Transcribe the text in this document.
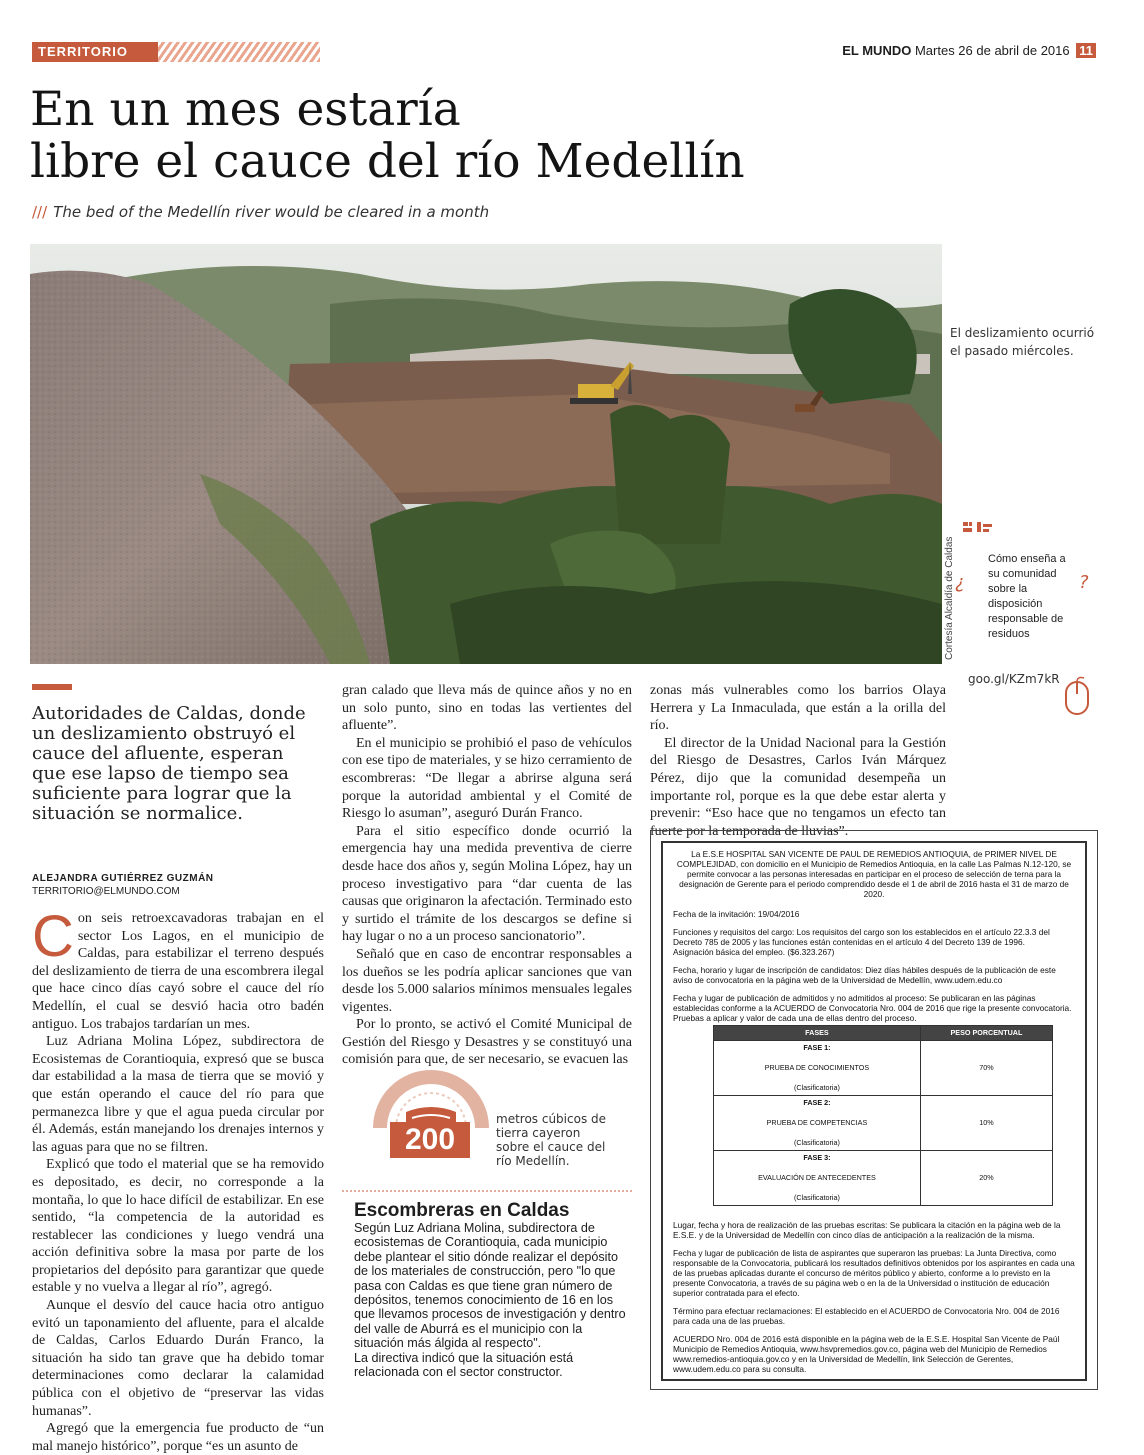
TERRITORIO	EL MUNDO Martes 26 de abril de 2016 11
En un mes estaría
libre el cauce del río Medellín
/// The bed of the Medellín river would be cleared in a month
Cortesía Alcaldía de Caldas
El deslizamiento ocurrió el pasado miércoles.
¿
Cómo enseña a su comunidad sobre la disposición responsable de residuos
?
goo.gl/KZm7kR
Autoridades de Caldas, donde un deslizamiento obstruyó el cauce del afluente, esperan que ese lapso de tiempo sea suficiente para lograr que la situación se normalice.
ALEJANDRA GUTIÉRREZ GUZMÁN
TERRITORIO@ELMUNDO.COM

Con seis retroexcavadoras trabajan en el sector Los Lagos, en el municipio de Caldas, para estabilizar el terreno después del deslizamiento de tierra de una escombrera ilegal que hace cinco días cayó sobre el cauce del río Medellín, el cual se desvió hacia otro badén antiguo. Los trabajos tardarían un mes.

Luz Adriana Molina López, subdirectora de Ecosistemas de Corantioquia, expresó que se busca dar estabilidad a la masa de tierra que se movió y que están operando el cauce del río para que permanezca libre y que el agua pueda circular por él. Además, están manejando los drenajes internos y las aguas para que no se filtren.

Explicó que todo el material que se ha removido es depositado, es decir, no corresponde a la montaña, lo que lo hace difícil de estabilizar. En ese sentido, “la competencia de la autoridad es restablecer las condiciones y luego vendrá una acción definitiva sobre la masa por parte de los propietarios del depósito para garantizar que quede estable y no vuelva a llegar al río”, agregó.

Aunque el desvío del cauce hacia otro antiguo evitó un taponamiento del afluente, para el alcalde de Caldas, Carlos Eduardo Durán Franco, la situación ha sido tan grave que ha debido tomar determinaciones como declarar la calamidad pública con el objetivo de “preservar las vidas humanas”.

Agregó que la emergencia fue producto de “un mal manejo histórico”, porque “es un asunto de

gran calado que lleva más de quince años y no en un solo punto, sino en todas las vertientes del afluente”.

En el municipio se prohibió el paso de vehículos con ese tipo de materiales, y se hizo cerramiento de escombreras: “De llegar a abrirse alguna será porque la autoridad ambiental y el Comité de Riesgo lo asuman”, aseguró Durán Franco.

Para el sitio específico donde ocurrió la emergencia hay una medida preventiva de cierre desde hace dos años y, según Molina López, hay un proceso investigativo para “dar cuenta de las causas que originaron la afectación. Terminado esto y surtido el trámite de los descargos se define si hay lugar o no a un proceso sancionatorio”.

Señaló que en caso de encontrar responsables a los dueños se les podría aplicar sanciones que van desde los 5.000 salarios mínimos mensuales legales vigentes.

Por lo pronto, se activó el Comité Municipal de Gestión del Riesgo y Desastres y se constituyó una comisión para que, de ser necesario, se evacuen las

zonas más vulnerables como los barrios Olaya Herrera y La Inmaculada, que están a la orilla del río.

El director de la Unidad Nacional para la Gestión del Riesgo de Desastres, Carlos Iván Márquez Pérez, dijo que la comunidad desempeña un importante rol, porque es la que debe estar alerta y prevenir: “Eso hace que no tengamos un efecto tan fuerte por la temporada de lluvias”.

200
metros cúbicos de tierra cayeron sobre el cauce del río Medellín.
Escombreras en Caldas

Según Luz Adriana Molina, subdirectora de ecosistemas de Corantioquia, cada municipio debe plantear el sitio dónde realizar el depósito de los materiales de construcción, pero "lo que pasa con Caldas es que tiene gran número de depósitos, tenemos conocimiento de 16 en los que llevamos procesos de investigación y dentro del valle de Aburrá es el municipio con la situación más álgida al respecto".

La directiva indicó que la situación está relacionada con el sector constructor.

La E.S.E HOSPITAL SAN VICENTE DE PAUL DE REMEDIOS ANTIOQUIA, de PRIMER NIVEL DE COMPLEJIDAD, con domicilio en el Municipio de Remedios Antioquia, en la calle Las Palmas N.12-120, se permite convocar a las personas interesadas en participar en el proceso de selección de terna para la designación de Gerente para el periodo comprendido desde el 1 de abril de 2016 hasta el 31 de marzo de 2020.

Fecha de la invitación: 19/04/2016

Funciones y requisitos del cargo: Los requisitos del cargo son los establecidos en el artículo 22.3.3 del Decreto 785 de 2005 y las funciones están contenidas en el artículo 4 del Decreto 139 de 1996.

Asignación básica del empleo. ($6.323.267)

Fecha, horario y lugar de inscripción de candidatos: Diez días hábiles después de la publicación de este aviso de convocatoria en la página web de la Universidad de Medellín, www.udem.edu.co

Fecha y lugar de publicación de admitidos y no admitidos al proceso: Se publicaran en las páginas establecidas conforme a la ACUERDO de Convocatoria Nro. 004 de 2016 que rige la presente convocatoria.

Pruebas a aplicar y valor de cada una de ellas dentro del proceso.

FASES	PESO PORCENTUAL
FASE 1:

PRUEBA DE CONOCIMIENTOS

(Clasificatoria)	70%
FASE 2:

PRUEBA DE COMPETENCIAS

(Clasificatoria)	10%
FASE 3:

EVALUACIÓN DE ANTECEDENTES

(Clasificatoria)	20%

Lugar, fecha y hora de realización de las pruebas escritas: Se publicara la citación en la página web de la E.S.E. y de la Universidad de Medellín con cinco días de anticipación a la realización de la misma.

Fecha y lugar de publicación de lista de aspirantes que superaron las pruebas: La Junta Directiva, como responsable de la Convocatoria, publicará los resultados definitivos obtenidos por los aspirantes en cada una de las pruebas aplicadas durante el concurso de méritos público y abierto, conforme a lo previsto en la presente Convocatoria, a través de su página web o en la de la Universidad o institución de educación superior contratada para el efecto.

Término para efectuar reclamaciones: El establecido en el ACUERDO de Convocatoria Nro. 004 de 2016 para cada una de las pruebas.

ACUERDO Nro. 004 de 2016 está disponible en la página web de la E.S.E. Hospital San Vicente de Paúl Municipio de Remedios Antioquia, www.hsvpremedios.gov.co, página web del Municipio de Remedios www.remedios-antioquia.gov.co y en la Universidad de Medellín, link Selección de Gerentes, www.udem.edu.co para su consulta.
